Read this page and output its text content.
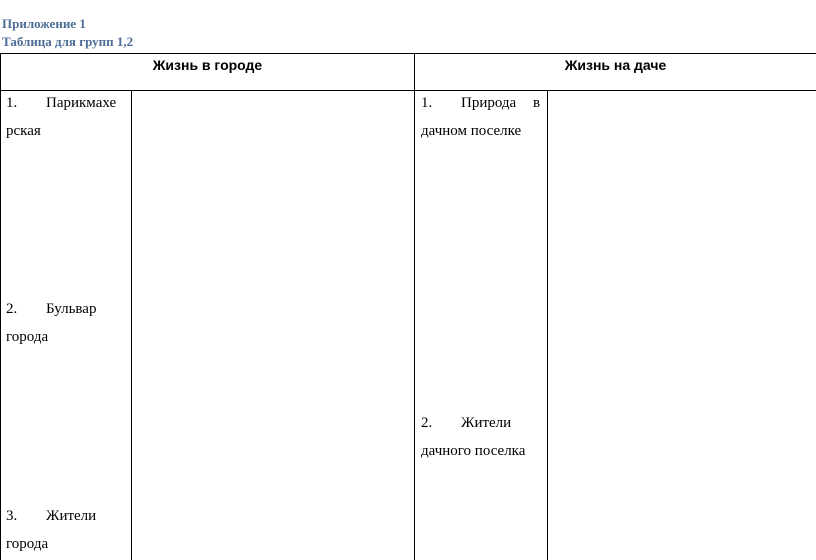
Приложение 1
Таблица для групп 1,2
Жизнь в городе	Жизнь на даче
1. Парикмахе
рская
2. Бульвар
города
3. Жители
города
1. Природа в
дачном поселке
2. Жители
дачного поселка
